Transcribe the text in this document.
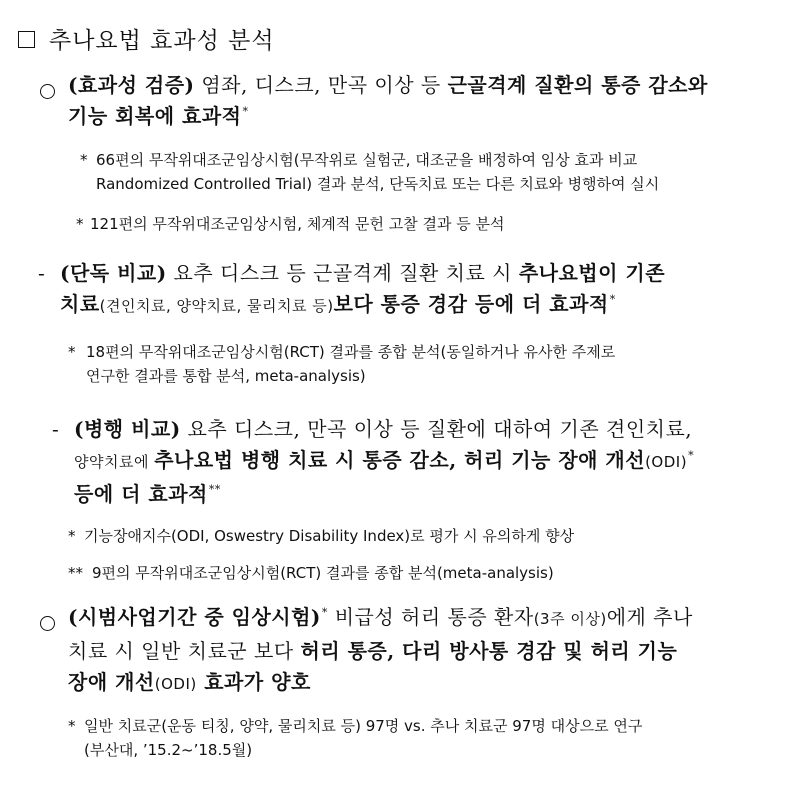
추나요법 효과성 분석
(효과성 검증) 염좌, 디스크, 만곡 이상 등 근골격계 질환의 통증 감소와
기능 회복에 효과적*
* 66편의 무작위대조군임상시험(무작위로 실험군, 대조군을 배정하여 임상 효과 비교
Randomized Controlled Trial) 결과 분석, 단독치료 또는 다른 치료와 병행하여 실시
* 121편의 무작위대조군임상시험, 체계적 문헌 고찰 결과 등 분석
- (단독 비교) 요추 디스크 등 근골격계 질환 치료 시 추나요법이 기존
치료(견인치료, 양약치료, 물리치료 등)보다 통증 경감 등에 더 효과적*
* 18편의 무작위대조군임상시험(RCT) 결과를 종합 분석(동일하거나 유사한 주제로
연구한 결과를 통합 분석, meta-analysis)
- (병행 비교) 요추 디스크, 만곡 이상 등 질환에 대하여 기존 견인치료,
양약치료에 추나요법 병행 치료 시 통증 감소, 허리 기능 장애 개선(ODI)*
등에 더 효과적**
* 기능장애지수(ODI, Oswestry Disability Index)로 평가 시 유의하게 향상
** 9편의 무작위대조군임상시험(RCT) 결과를 종합 분석(meta-analysis)
(시범사업기간 중 임상시험)* 비급성 허리 통증 환자(3주 이상)에게 추나
치료 시 일반 치료군 보다 허리 통증, 다리 방사통 경감 및 허리 기능
장애 개선(ODI) 효과가 양호
* 일반 치료군(운동 티칭, 양약, 물리치료 등) 97명 vs. 추나 치료군 97명 대상으로 연구
(부산대, ’15.2~’18.5월)
